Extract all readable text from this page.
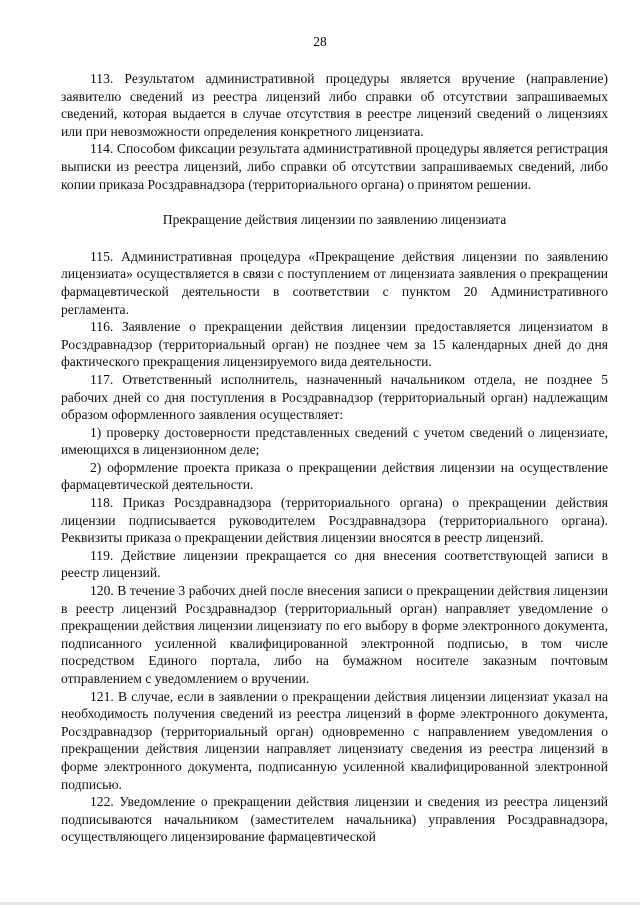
28

113. Результатом административной процедуры является вручение (направление) заявителю сведений из реестра лицензий либо справки об отсутствии запрашиваемых сведений, которая выдается в случае отсутствия в реестре лицензий сведений о лицензиях или при невозможности определения конкретного лицензиата.

114. Способом фиксации результата административной процедуры является регистрация выписки из реестра лицензий, либо справки об отсутствии запрашиваемых сведений, либо копии приказа Росздравнадзора (территориального органа) о принятом решении.

Прекращение действия лицензии по заявлению лицензиата

115. Административная процедура «Прекращение действия лицензии по заявлению лицензиата» осуществляется в связи с поступлением от лицензиата заявления о прекращении фармацевтической деятельности в соответствии с пунктом 20 Административного регламента.

116. Заявление о прекращении действия лицензии предоставляется лицензиатом в Росздравнадзор (территориальный орган) не позднее чем за 15 календарных дней до дня фактического прекращения лицензируемого вида деятельности.

117. Ответственный исполнитель, назначенный начальником отдела, не позднее 5 рабочих дней со дня поступления в Росздравнадзор (территориальный орган) надлежащим образом оформленного заявления осуществляет:

1) проверку достоверности представленных сведений с учетом сведений о лицензиате, имеющихся в лицензионном деле;

2) оформление проекта приказа о прекращении действия лицензии на осуществление фармацевтической деятельности.

118. Приказ Росздравнадзора (территориального органа) о прекращении действия лицензии подписывается руководителем Росздравнадзора (территориального органа). Реквизиты приказа о прекращении действия лицензии вносятся в реестр лицензий.

119. Действие лицензии прекращается со дня внесения соответствующей записи в реестр лицензий.

120. В течение 3 рабочих дней после внесения записи о прекращении действия лицензии в реестр лицензий Росздравнадзор (территориальный орган) направляет уведомление о прекращении действия лицензии лицензиату по его выбору в форме электронного документа, подписанного усиленной квалифицированной электронной подписью, в том числе посредством Единого портала, либо на бумажном носителе заказным почтовым отправлением с уведомлением о вручении.

121. В случае, если в заявлении о прекращении действия лицензии лицензиат указал на необходимость получения сведений из реестра лицензий в форме электронного документа, Росздравнадзор (территориальный орган) одновременно с направлением уведомления о прекращении действия лицензии направляет лицензиату сведения из реестра лицензий в форме электронного документа, подписанную усиленной квалифицированной электронной подписью.

122. Уведомление о прекращении действия лицензии и сведения из реестра лицензий подписываются начальником (заместителем начальника) управления Росздравнадзора, осуществляющего лицензирование фармацевтической
